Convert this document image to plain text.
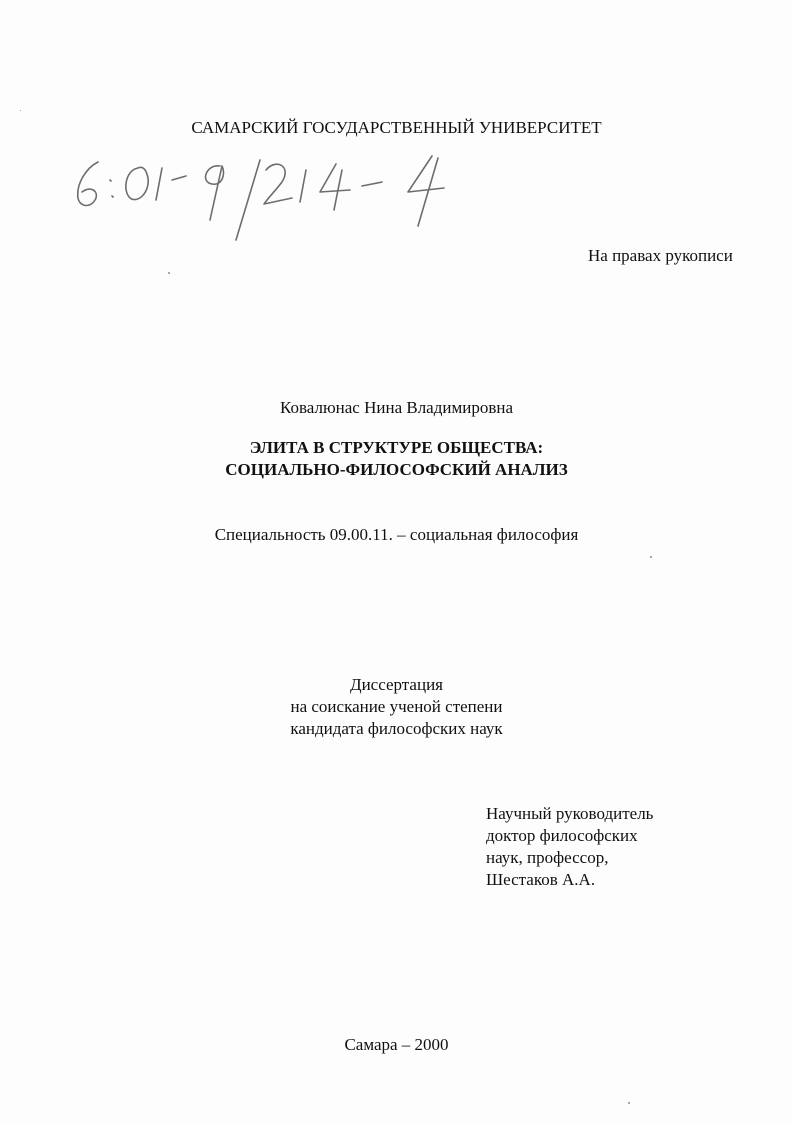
САМАРСКИЙ ГОСУДАРСТВЕННЫЙ УНИВЕРСИТЕТ
На правах рукописи
Ковалюнас Нина Владимировна
ЭЛИТА В СТРУКТУРЕ ОБЩЕСТВА:
СОЦИАЛЬНО-ФИЛОСОФСКИЙ АНАЛИЗ
Специальность 09.00.11. – социальная философия
Диссертация
на соискание ученой степени
кандидата философских наук
Научный руководитель
доктор философских
наук, профессор,
Шестаков А.А.
Самара – 2000
